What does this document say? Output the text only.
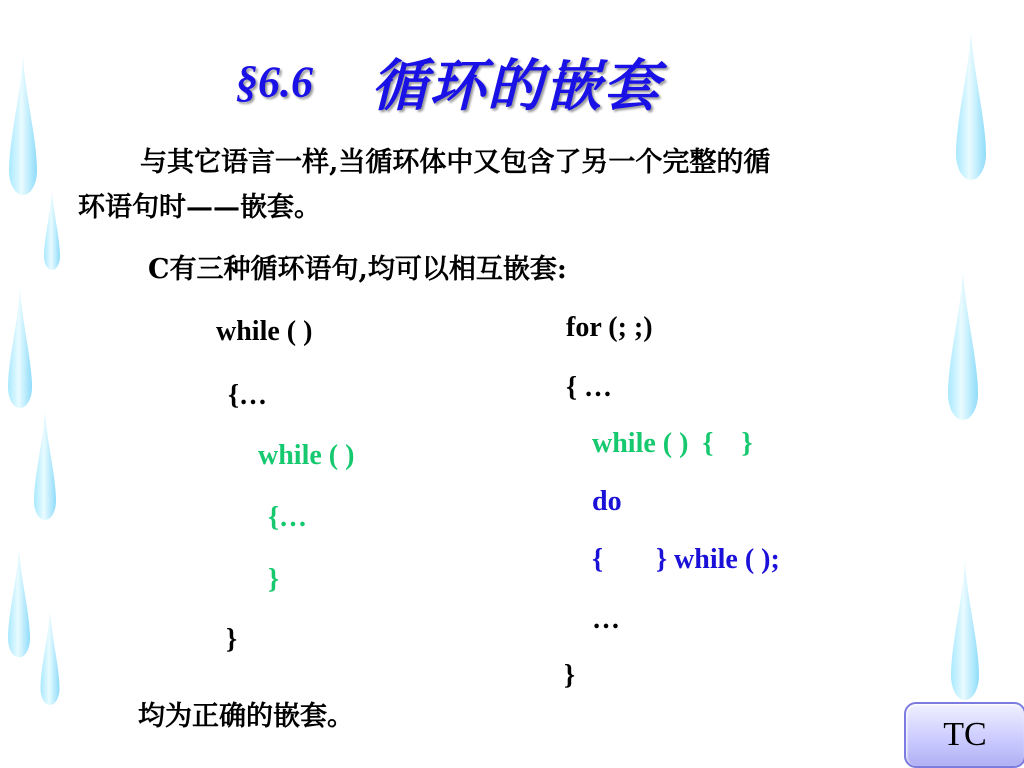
§6.6 循环的嵌套
与其它语言一样,当循环体中又包含了另一个完整的循
环语句时——嵌套。
C有三种循环语句,均可以相互嵌套:
while ( )
{…
while ( )
{…
}
}
for (; ;)
{ …
while ( )  {    }
do
{ } while ( );
…
}
均为正确的嵌套。	TC
